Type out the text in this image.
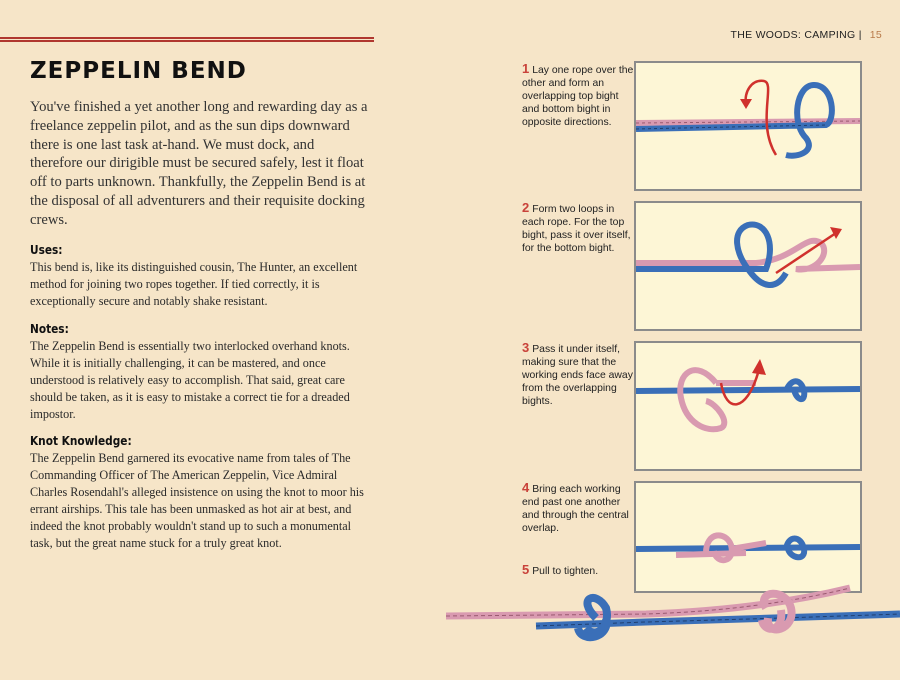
THE WOODS: CAMPING | 15
ZEPPELIN BEND
You've finished a yet another long and rewarding day as a freelance zeppelin pilot, and as the sun dips downward there is one last task at-hand. We must dock, and therefore our dirigible must be secured safely, lest it float off to parts unknown. Thankfully, the Zeppelin Bend is at the disposal of all adventurers and their requisite docking crews.
Uses:
This bend is, like its distinguished cousin, The Hunter, an excellent method for joining two ropes together. If tied correctly, it is exceptionally secure and notably shake resistant.
Notes:
The Zeppelin Bend is essentially two interlocked overhand knots. While it is initially challenging, it can be mastered, and once understood is relatively easy to accomplish. That said, great care should be taken, as it is easy to mistake a correct tie for a dreaded impostor.
Knot Knowledge:
The Zeppelin Bend garnered its evocative name from tales of The Commanding Officer of The American Zeppelin, Vice Admiral Charles Rosendahl's alleged insistence on using the knot to moor his errant airships. This tale has been unmasked as hot air at best, and indeed the knot probably wouldn't stand up to such a monumental task, but the great name stuck for a truly great knot.
1 Lay one rope over the other and form an overlapping top bight and bottom bight in opposite directions.
2 Form two loops in each rope. For the top bight, pass it over itself, for the bottom bight.
3 Pass it under itself, making sure that the working ends face away from the overlapping bights.
4 Bring each working end past one another and through the central overlap.
5 Pull to tighten.
